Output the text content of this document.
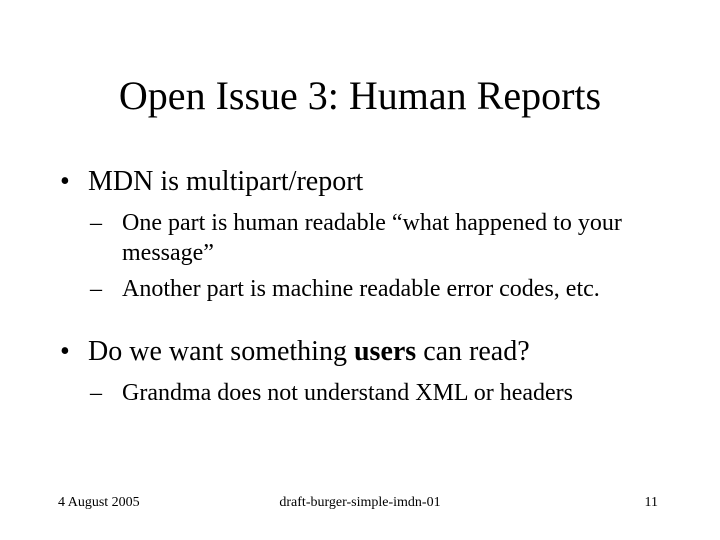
Open Issue 3: Human Reports
• MDN is multipart/report
– One part is human readable “what happened to your message”
– Another part is machine readable error codes, etc.
• Do we want something users can read?
– Grandma does not understand XML or headers
4 August 2005	draft-burger-simple-imdn-01	11
